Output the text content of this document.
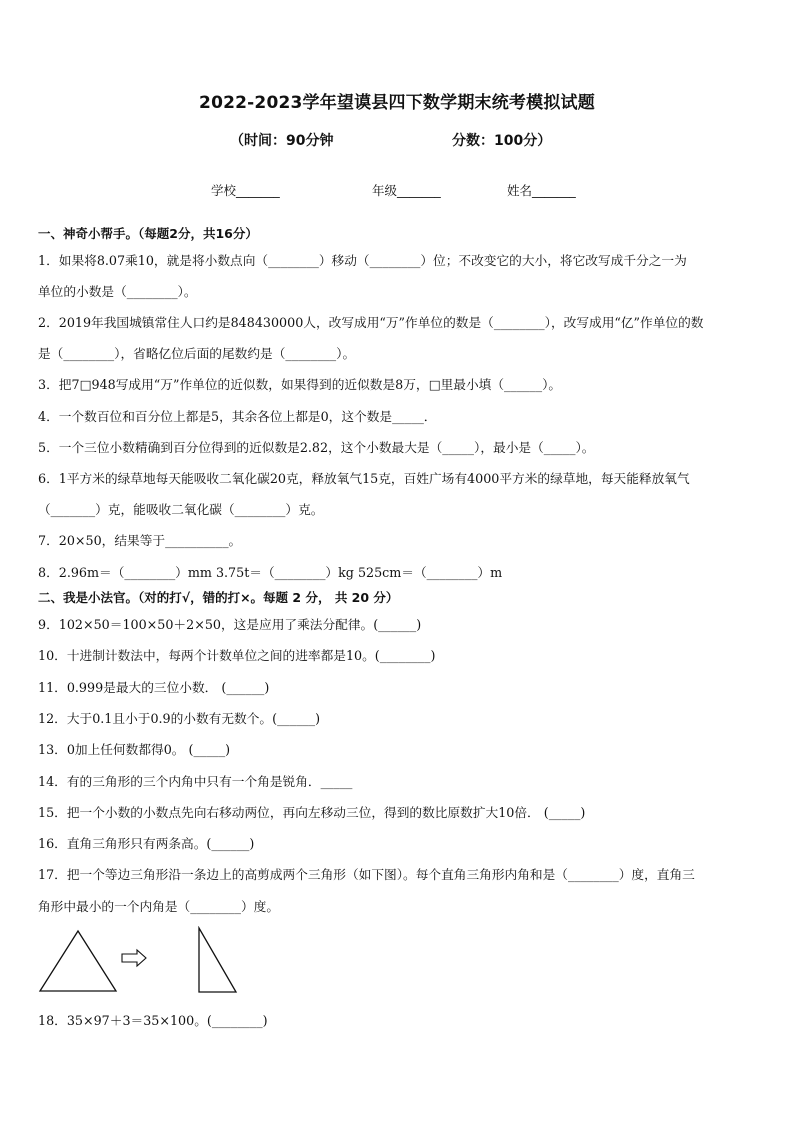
2022-2023学年望谟县四下数学期末统考模拟试题
（时间：90分钟	分数：100分）
学校_______	年级_______	姓名_______
一、神奇小帮手。（每题2分，共16分）
1．如果将8.07乘10，就是将小数点向（________）移动（________）位；不改变它的大小，将它改写成千分之一为
单位的小数是（________）。
2．2019年我国城镇常住人口约是848430000人，改写成用“万”作单位的数是（________），改写成用“亿”作单位的数
是（________），省略亿位后面的尾数约是（________）。
3．把7□948写成用“万”作单位的近似数，如果得到的近似数是8万，□里最小填（______）。
4．一个数百位和百分位上都是5，其余各位上都是0，这个数是_____．
5．一个三位小数精确到百分位得到的近似数是2.82，这个小数最大是（_____），最小是（_____）。
6．1平方米的绿草地每天能吸收二氧化碳20克，释放氧气15克，百姓广场有4000平方米的绿草地，每天能释放氧气
（_______）克，能吸收二氧化碳（________）克。
7．20×50，结果等于__________。
8．2.96m＝（________）mm 3.75t＝（________）kg 525cm＝（________）m
二、我是小法官。（对的打√，错的打×。每题 2 分， 共 20 分）
9．102×50＝100×50＋2×50，这是应用了乘法分配律。(______)
10．十进制计数法中，每两个计数单位之间的进率都是10。(________)
11．0.999是最大的三位小数． (______)
12．大于0.1且小于0.9的小数有无数个。(______)
13．0加上任何数都得0。 (_____)
14．有的三角形的三个内角中只有一个角是锐角．_____
15．把一个小数的小数点先向右移动两位，再向左移动三位，得到的数比原数扩大10倍． (_____)
16．直角三角形只有两条高。(______)
17．把一个等边三角形沿一条边上的高剪成两个三角形（如下图）。每个直角三角形内角和是（________）度，直角三
角形中最小的一个内角是（________）度。
18．35×97＋3＝35×100。(________)
